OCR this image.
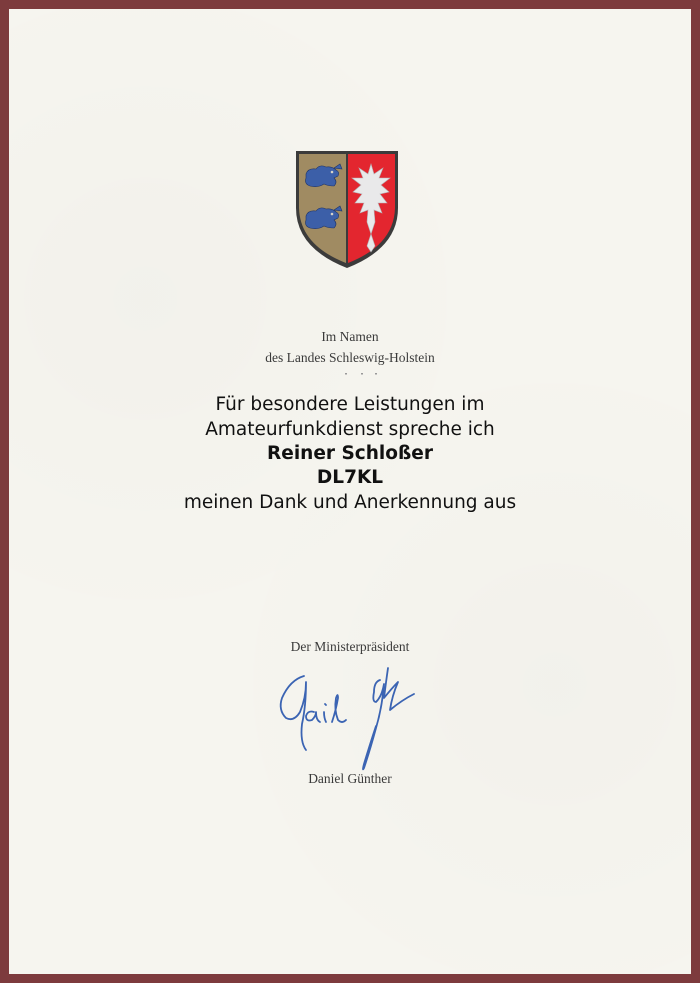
Im Namen
des Landes Schleswig-Holstein
Für besondere Leistungen im
Amateurfunkdienst spreche ich
Reiner Schloßer
DL7KL
meinen Dank und Anerkennung aus
Der Ministerpräsident
Daniel Günther
